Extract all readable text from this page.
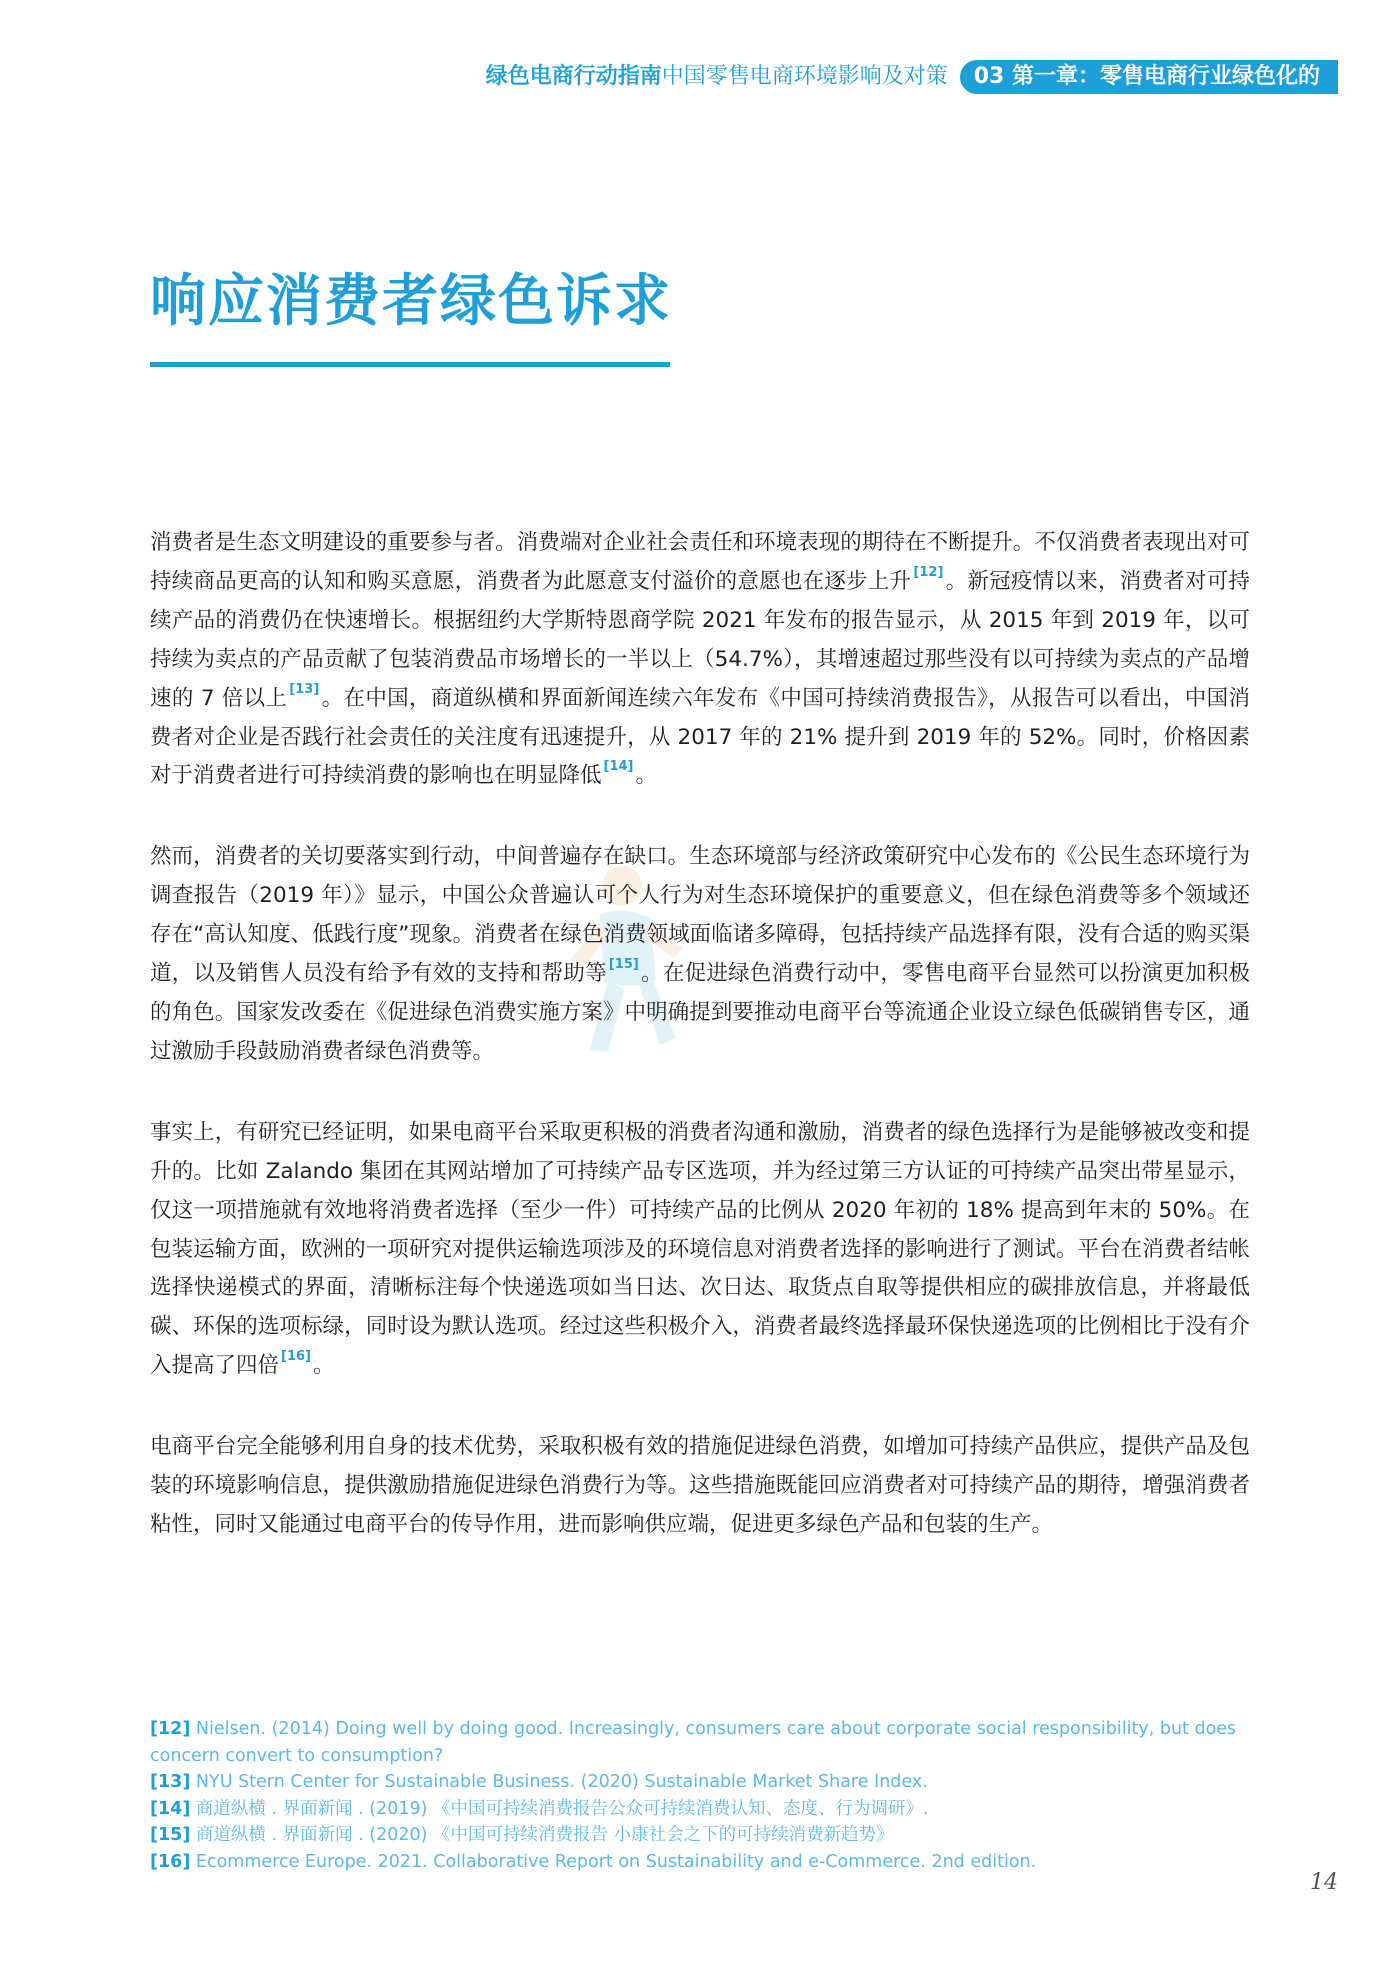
绿色电商行动指南 中国零售电商环境影响及对策	03 第一章：零售电商行业绿色化的
响应消费者绿色诉求

消费者是生态文明建设的重要参与者。消费端对企业社会责任和环境表现的期待在不断提升。不仅消费者表现出对可持续商品更高的认知和购买意愿，消费者为此愿意支付溢价的意愿也在逐步上升 [12]。新冠疫情以来，消费者对可持续产品的消费仍在快速增长。根据纽约大学斯特恩商学院 2021 年发布的报告显示，从 2015 年到 2019 年，以可持续为卖点的产品贡献了包装消费品市场增长的一半以上（54.7%），其增速超过那些没有以可持续为卖点的产品增速的 7 倍以上 [13]。在中国，商道纵横和界面新闻连续六年发布《中国可持续消费报告》，从报告可以看出，中国消费者对企业是否践行社会责任的关注度有迅速提升，从 2017 年的 21% 提升到 2019 年的 52%。同时，价格因素对于消费者进行可持续消费的影响也在明显降低 [14]。

然而，消费者的关切要落实到行动，中间普遍存在缺口。生态环境部与经济政策研究中心发布的《公民生态环境行为调查报告（2019 年）》显示，中国公众普遍认可个人行为对生态环境保护的重要意义，但在绿色消费等多个领域还存在“高认知度、低践行度”现象。消费者在绿色消费领域面临诸多障碍，包括持续产品选择有限，没有合适的购买渠道，以及销售人员没有给予有效的支持和帮助等 [15]。在促进绿色消费行动中，零售电商平台显然可以扮演更加积极的角色。国家发改委在《促进绿色消费实施方案》中明确提到要推动电商平台等流通企业设立绿色低碳销售专区，通过激励手段鼓励消费者绿色消费等。

事实上，有研究已经证明，如果电商平台采取更积极的消费者沟通和激励，消费者的绿色选择行为是能够被改变和提升的。比如 Zalando 集团在其网站增加了可持续产品专区选项，并为经过第三方认证的可持续产品突出带星显示，仅这一项措施就有效地将消费者选择（至少一件）可持续产品的比例从 2020 年初的 18% 提高到年末的 50%。在包装运输方面，欧洲的一项研究对提供运输选项涉及的环境信息对消费者选择的影响进行了测试。平台在消费者结帐选择快递模式的界面，清晰标注每个快递选项如当日达、次日达、取货点自取等提供相应的碳排放信息，并将最低碳、环保的选项标绿，同时设为默认选项。经过这些积极介入，消费者最终选择最环保快递选项的比例相比于没有介入提高了四倍 [16]。

电商平台完全能够利用自身的技术优势，采取积极有效的措施促进绿色消费，如增加可持续产品供应，提供产品及包装的环境影响信息，提供激励措施促进绿色消费行为等。这些措施既能回应消费者对可持续产品的期待，增强消费者粘性，同时又能通过电商平台的传导作用，进而影响供应端，促进更多绿色产品和包装的生产。

[12] Nielsen. (2014) Doing well by doing good. Increasingly, consumers care about corporate social responsibility, but does concern convert to consumption?
[13] NYU Stern Center for Sustainable Business. (2020) Sustainable Market Share Index.
[14] 商道纵横 . 界面新闻 . (2019) 《中国可持续消费报告公众可持续消费认知、态度、行为调研》.
[15] 商道纵横 . 界面新闻 . (2020) 《中国可持续消费报告 小康社会之下的可持续消费新趋势》
[16] Ecommerce Europe. 2021. Collaborative Report on Sustainability and e-Commerce. 2nd edition.
14
